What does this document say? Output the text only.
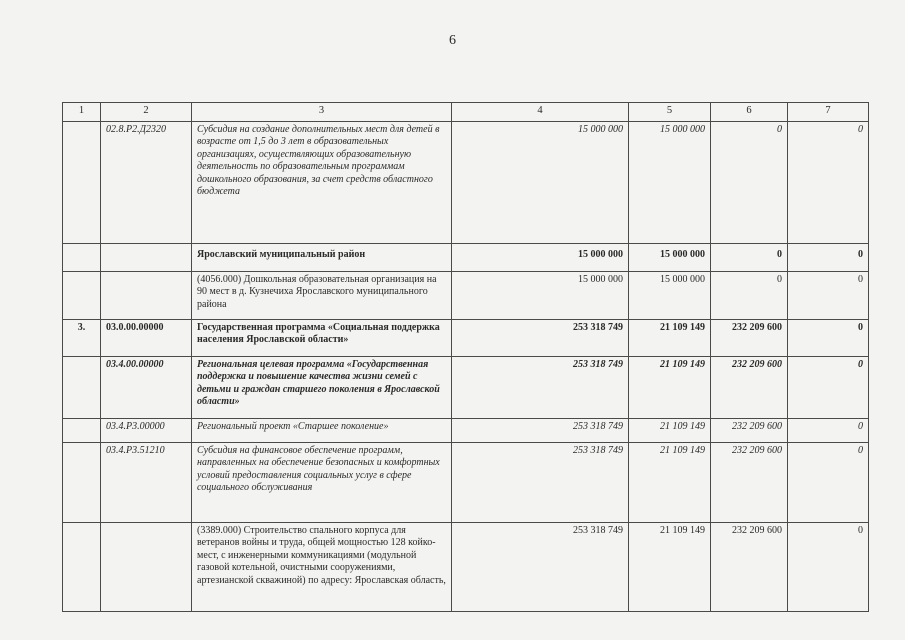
6
1	2	3	4	5	6	7
	02.8.P2.Д2320	Субсидия на создание дополнительных мест для детей в возрасте от 1,5 до 3 лет в образовательных организациях, осуществляющих образовательную деятельность по образовательным программам дошкольного образования, за счет средств областного бюджета	15 000 000	15 000 000	0	0
		Ярославский муниципальный район	15 000 000	15 000 000	0	0
		(4056.000) Дошкольная образовательная организация на 90 мест в д. Кузнечиха Ярославского муниципального района	15 000 000	15 000 000	0	0
3.	03.0.00.00000	Государственная программа «Социальная поддержка населения Ярославской области»	253 318 749	21 109 149	232 209 600	0
	03.4.00.00000	Региональная целевая программа «Государственная поддержка и повышение качества жизни семей с детьми и граждан старшего поколения в Ярославской области»	253 318 749	21 109 149	232 209 600	0
	03.4.P3.00000	Региональный проект «Старшее поколение»	253 318 749	21 109 149	232 209 600	0
	03.4.P3.51210	Субсидия на финансовое обеспечение программ, направленных на обеспечение безопасных и комфортных условий предоставления социальных услуг в сфере социального обслуживания	253 318 749	21 109 149	232 209 600	0
		(3389.000) Строительство спального корпуса для ветеранов войны и труда, общей мощностью 128 койко-мест, с инженерными коммуникациями (модульной газовой котельной, очистными сооружениями, артезианской скважиной) по адресу: Ярославская область,	253 318 749	21 109 149	232 209 600	0
